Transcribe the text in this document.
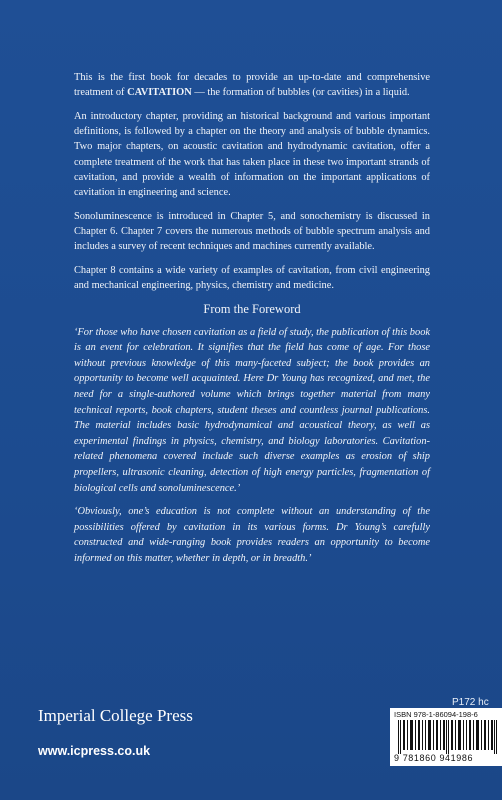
This is the first book for decades to provide an up-to-date and comprehensive treatment of CAVITATION — the formation of bubbles (or cavities) in a liquid.

An introductory chapter, providing an historical background and various important definitions, is followed by a chapter on the theory and analysis of bubble dynamics. Two major chapters, on acoustic cavitation and hydrodynamic cavitation, offer a complete treatment of the work that has taken place in these two important strands of cavitation, and provide a wealth of information on the important applications of cavitation in engineering and science.

Sonoluminescence is introduced in Chapter 5, and sonochemistry is discussed in Chapter 6. Chapter 7 covers the numerous methods of bubble spectrum analysis and includes a survey of recent techniques and machines currently available.

Chapter 8 contains a wide variety of examples of cavitation, from civil engineering and mechanical engineering, physics, chemistry and medicine.

From the Foreword

‘For those who have chosen cavitation as a field of study, the publication of this book is an event for celebration. It signifies that the field has come of age. For those without previous knowledge of this many-faceted subject; the book provides an opportunity to become well acquainted. Here Dr Young has recognized, and met, the need for a single-authored volume which brings together material from many technical reports, book chapters, student theses and countless journal publications. The material includes basic hydrodynamical and acoustical theory, as well as experimental findings in physics, chemistry, and biology laboratories. Cavitation-related phenomena covered include such diverse examples as erosion of ship propellers, ultrasonic cleaning, detection of high energy particles, fragmentation of biological cells and sonoluminescence.’

‘Obviously, one’s education is not complete without an understanding of the possibilities offered by cavitation in its various forms. Dr Young’s carefully constructed and wide-ranging book provides readers an opportunity to become informed on this matter, whether in depth, or in breadth.’

P172 hc
Imperial College Press
www.icpress.co.uk
ISBN 978-1-86094-198-6
9 781860 941986
